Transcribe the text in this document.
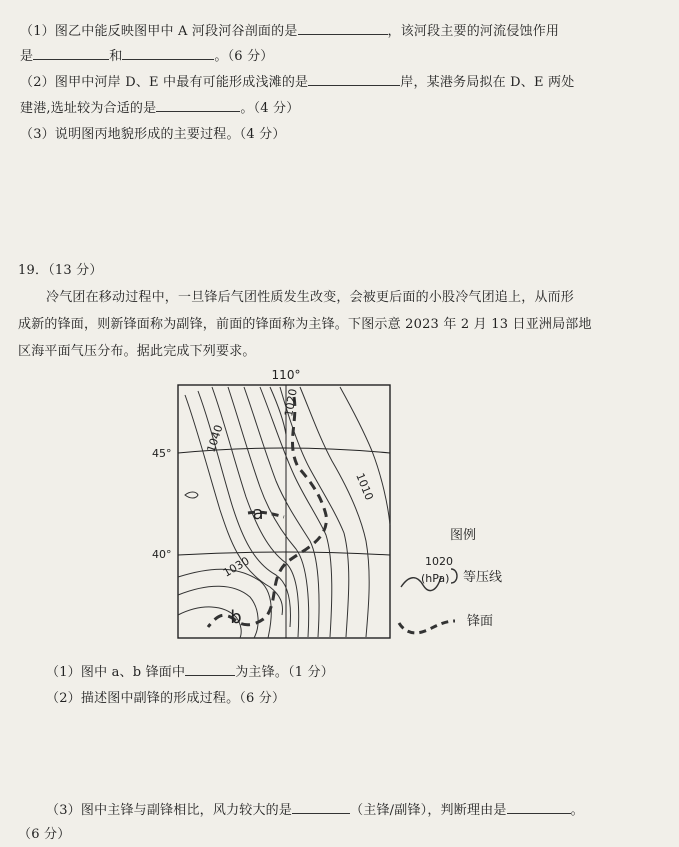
（1）图乙中能反映图甲中 A 河段河谷剖面的是	，该河段主要的河流侵蚀作用
是	和	。（6 分）
（2）图甲中河岸 D、E 中最有可能形成浅滩的是	岸，某港务局拟在 D、E 两处
建港,选址较为合适的是	。（4 分）
（3）说明图丙地貌形成的主要过程。（4 分）
19．（13 分）
冷气团在移动过程中，一旦锋后气团性质发生改变，会被更后面的小股冷气团追上，从而形
成新的锋面，则新锋面称为副锋，前面的锋面称为主锋。下图示意 2023 年 2 月 13 日亚洲局部地
区海平面气压分布。据此完成下列要求。
110°
45°
40°
1040
1030
1020
1010
a
b
图例
1020
(hPa) 等压线
锋面
（1）图中 a、b 锋面中	为主锋。（1 分）
（2）描述图中副锋的形成过程。（6 分）
（3）图中主锋与副锋相比，风力较大的是	（主锋/副锋），判断理由是	。
（6 分）
